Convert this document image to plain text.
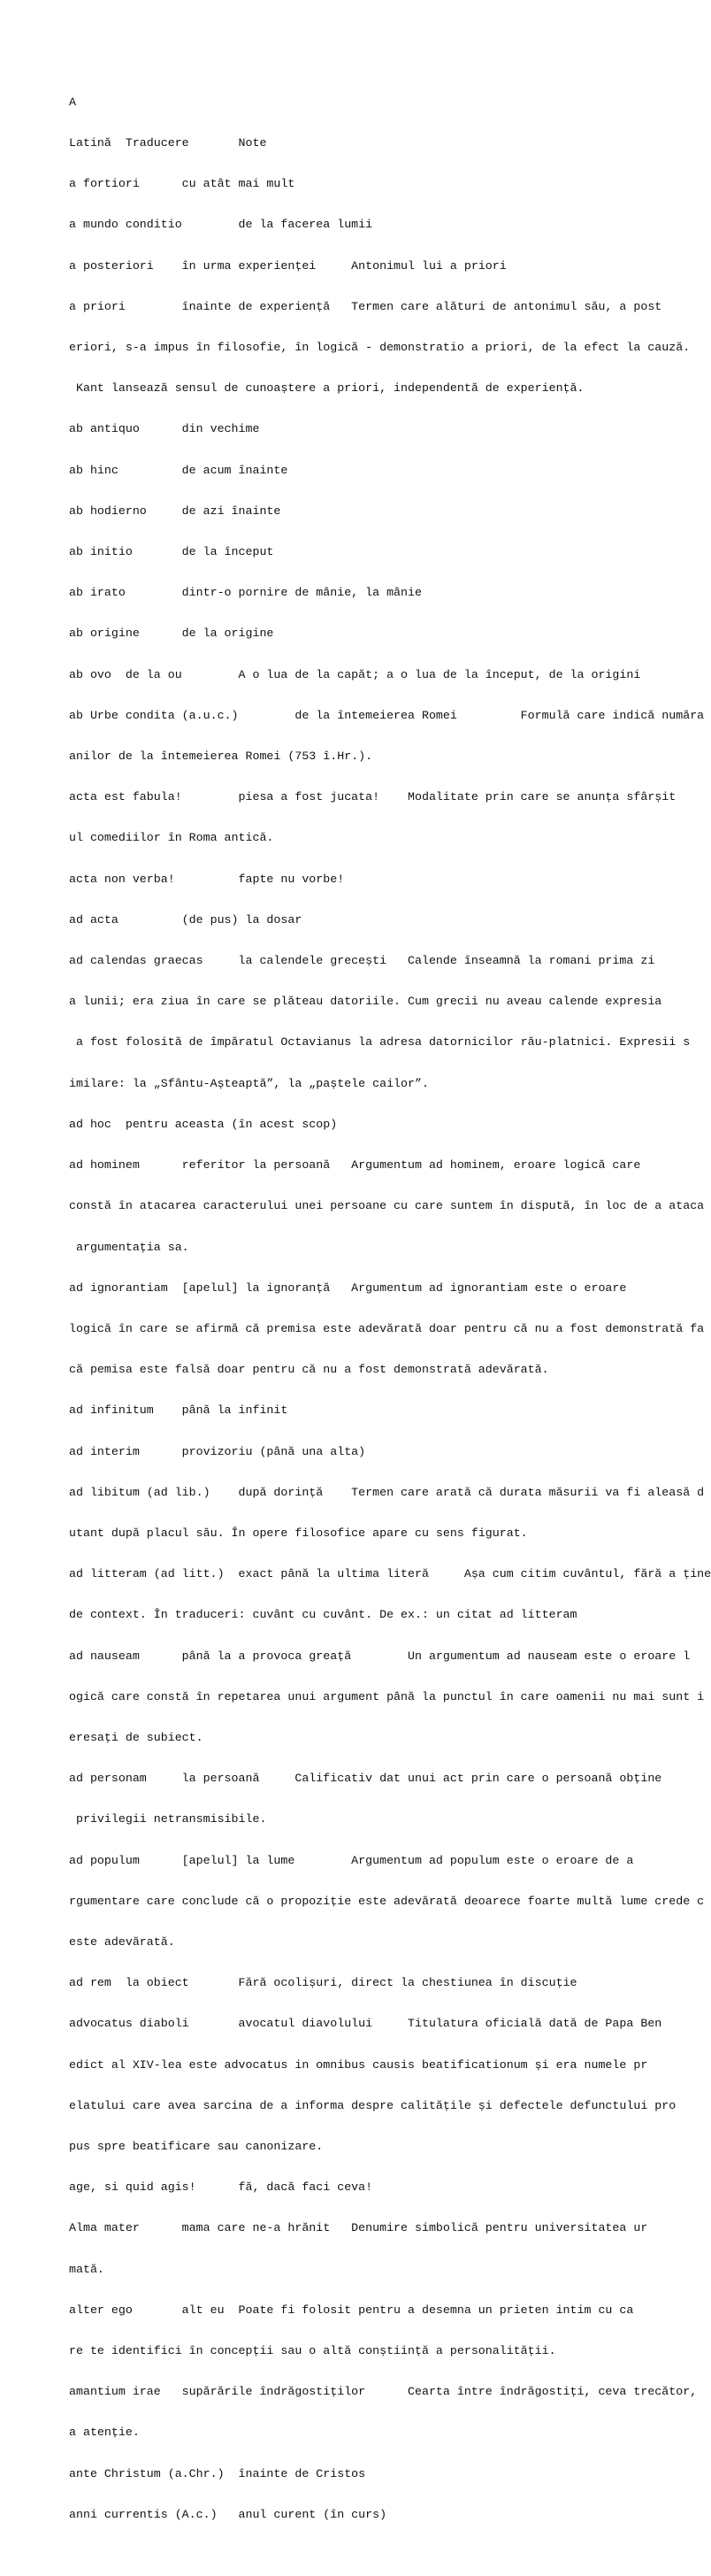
A

Latină  Traducere       Note

a fortiori      cu atât mai mult

a mundo conditio        de la facerea lumii

a posteriori    în urma experienței     Antonimul lui a priori

a priori        înainte de experiență   Termen care alături de antonimul său, a post

eriori, s-a impus în filosofie, în logică - demonstratio a priori, de la efect la cauză.

Kant lansează sensul de cunoaștere a priori, independentă de experiență.

ab antiquo      din vechime

ab hinc         de acum înainte

ab hodierno     de azi înainte

ab initio       de la început

ab irato        dintr-o pornire de mânie, la mânie

ab origine      de la origine

ab ovo  de la ou        A o lua de la capăt; a o lua de la început, de la origini

ab Urbe condita (a.u.c.)        de la întemeierea Romei         Formulă care indică număra

anilor de la întemeierea Romei (753 î.Hr.).

acta est fabula!        piesa a fost jucata!    Modalitate prin care se anunța sfârșit

ul comediilor în Roma antică.

acta non verba!         fapte nu vorbe!

ad acta         (de pus) la dosar

ad calendas graecas     la calendele grecești   Calende înseamnă la romani prima zi

a lunii; era ziua în care se plăteau datoriile. Cum grecii nu aveau calende expresia

a fost folosită de împăratul Octavianus la adresa datornicilor rău-platnici. Expresii s

imilare: la „Sfântu-Așteaptă”, la „paștele cailor”.

ad hoc  pentru aceasta (în acest scop)

ad hominem      referitor la persoană   Argumentum ad hominem, eroare logică care

constă în atacarea caracterului unei persoane cu care suntem în dispută, în loc de a ataca

argumentația sa.

ad ignorantiam  [apelul] la ignoranță   Argumentum ad ignorantiam este o eroare

logică în care se afirmă că premisa este adevărată doar pentru că nu a fost demonstrată fa

că pemisa este falsă doar pentru că nu a fost demonstrată adevărată.

ad infinitum    până la infinit

ad interim      provizoriu (până una alta)

ad libitum (ad lib.)    după dorință    Termen care arată că durata măsurii va fi aleasă d

utant după placul său. În opere filosofice apare cu sens figurat.

ad litteram (ad litt.)  exact până la ultima literă     Așa cum citim cuvântul, fără a ține

de context. În traduceri: cuvânt cu cuvânt. De ex.: un citat ad litteram

ad nauseam      până la a provoca greață        Un argumentum ad nauseam este o eroare l

ogică care constă în repetarea unui argument până la punctul în care oamenii nu mai sunt i

eresați de subiect.

ad personam     la persoană     Calificativ dat unui act prin care o persoană obține

privilegii netransmisibile.

ad populum      [apelul] la lume        Argumentum ad populum este o eroare de a

rgumentare care conclude că o propoziție este adevărată deoarece foarte multă lume crede c

este adevărată.

ad rem  la obiect       Fără ocolișuri, direct la chestiunea în discuție

advocatus diaboli       avocatul diavolului     Titulatura oficială dată de Papa Ben

edict al XIV-lea este advocatus in omnibus causis beatificationum și era numele pr

elatului care avea sarcina de a informa despre calitățile și defectele defunctului pro

pus spre beatificare sau canonizare.

age, si quid agis!      fă, dacă faci ceva!

Alma mater      mama care ne-a hrănit   Denumire simbolică pentru universitatea ur

mată.

alter ego       alt eu  Poate fi folosit pentru a desemna un prieten intim cu ca

re te identifici în concepții sau o altă conștiință a personalității.

amantium irae   supărările îndrăgostiților      Cearta între îndrăgostiți, ceva trecător,

a atenție.

ante Christum (a.Chr.)  înainte de Cristos

anni currentis (A.c.)   anul curent (în curs)
